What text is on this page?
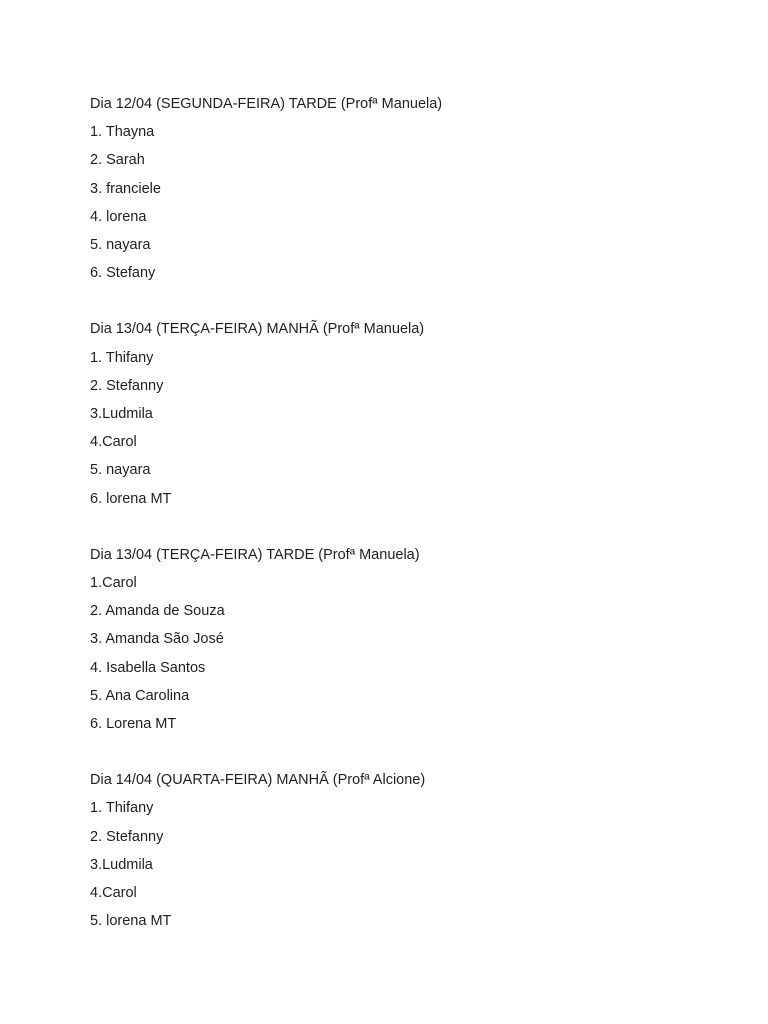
Dia 12/04 (SEGUNDA-FEIRA) TARDE (Profª Manuela)

1. Thayna

2. Sarah

3. franciele

4. lorena

5. nayara

6. Stefany

Dia 13/04 (TERÇA-FEIRA) MANHÃ (Profª Manuela)

1. Thifany

2. Stefanny

3.Ludmila

4.Carol

5. nayara

6. lorena MT

Dia 13/04 (TERÇA-FEIRA) TARDE (Profª Manuela)

1.Carol

2. Amanda de Souza

3. Amanda São José

4. Isabella Santos

5. Ana Carolina

6. Lorena MT

Dia 14/04 (QUARTA-FEIRA) MANHÃ (Profª Alcione)

1. Thifany

2. Stefanny

3.Ludmila

4.Carol

5. lorena MT
